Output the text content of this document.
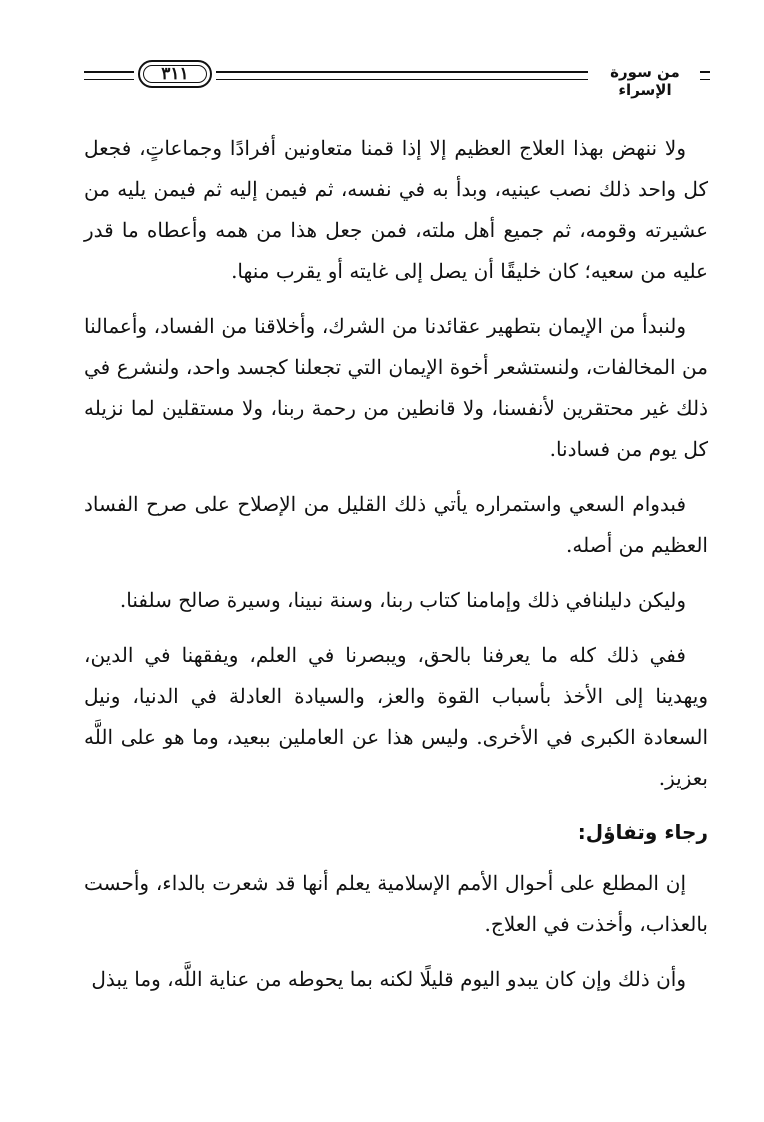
٣١١	من سورة الإسراء

ولا ننهض بهذا العلاج العظيم إلا إذا قمنا متعاونين أفرادًا وجماعاتٍ، فجعل كل واحد ذلك نصب عينيه، وبدأ به في نفسه، ثم فيمن إليه ثم فيمن يليه من عشيرته وقومه، ثم جميع أهل ملته، فمن جعل هذا من همه وأعطاه ما قدر عليه من سعيه؛ كان خليقًا أن يصل إلى غايته أو يقرب منها.

ولنبدأ من الإيمان بتطهير عقائدنا من الشرك، وأخلاقنا من الفساد، وأعمالنا من المخالفات، ولنستشعر أخوة الإيمان التي تجعلنا كجسد واحد، ولنشرع في ذلك غير محتقرين لأنفسنا، ولا قانطين من رحمة ربنا، ولا مستقلين لما نزيله كل يوم من فسادنا.

فبدوام السعي واستمراره يأتي ذلك القليل من الإصلاح على صرح الفساد العظيم من أصله.

وليكن دليلنافي ذلك وإمامنا كتاب ربنا، وسنة نبينا، وسيرة صالح سلفنا.

ففي ذلك كله ما يعرفنا بالحق، ويبصرنا في العلم، ويفقهنا في الدين، ويهدينا إلى الأخذ بأسباب القوة والعز، والسيادة العادلة في الدنيا، ونيل السعادة الكبرى في الأخرى. وليس هذا عن العاملين ببعيد، وما هو على اللَّه بعزيز.

رجاء وتفاؤل:

إن المطلع على أحوال الأمم الإسلامية يعلم أنها قد شعرت بالداء، وأحست بالعذاب، وأخذت في العلاج.

وأن ذلك وإن كان يبدو اليوم قليلًا لكنه بما يحوطه من عناية اللَّه، وما يبذل
